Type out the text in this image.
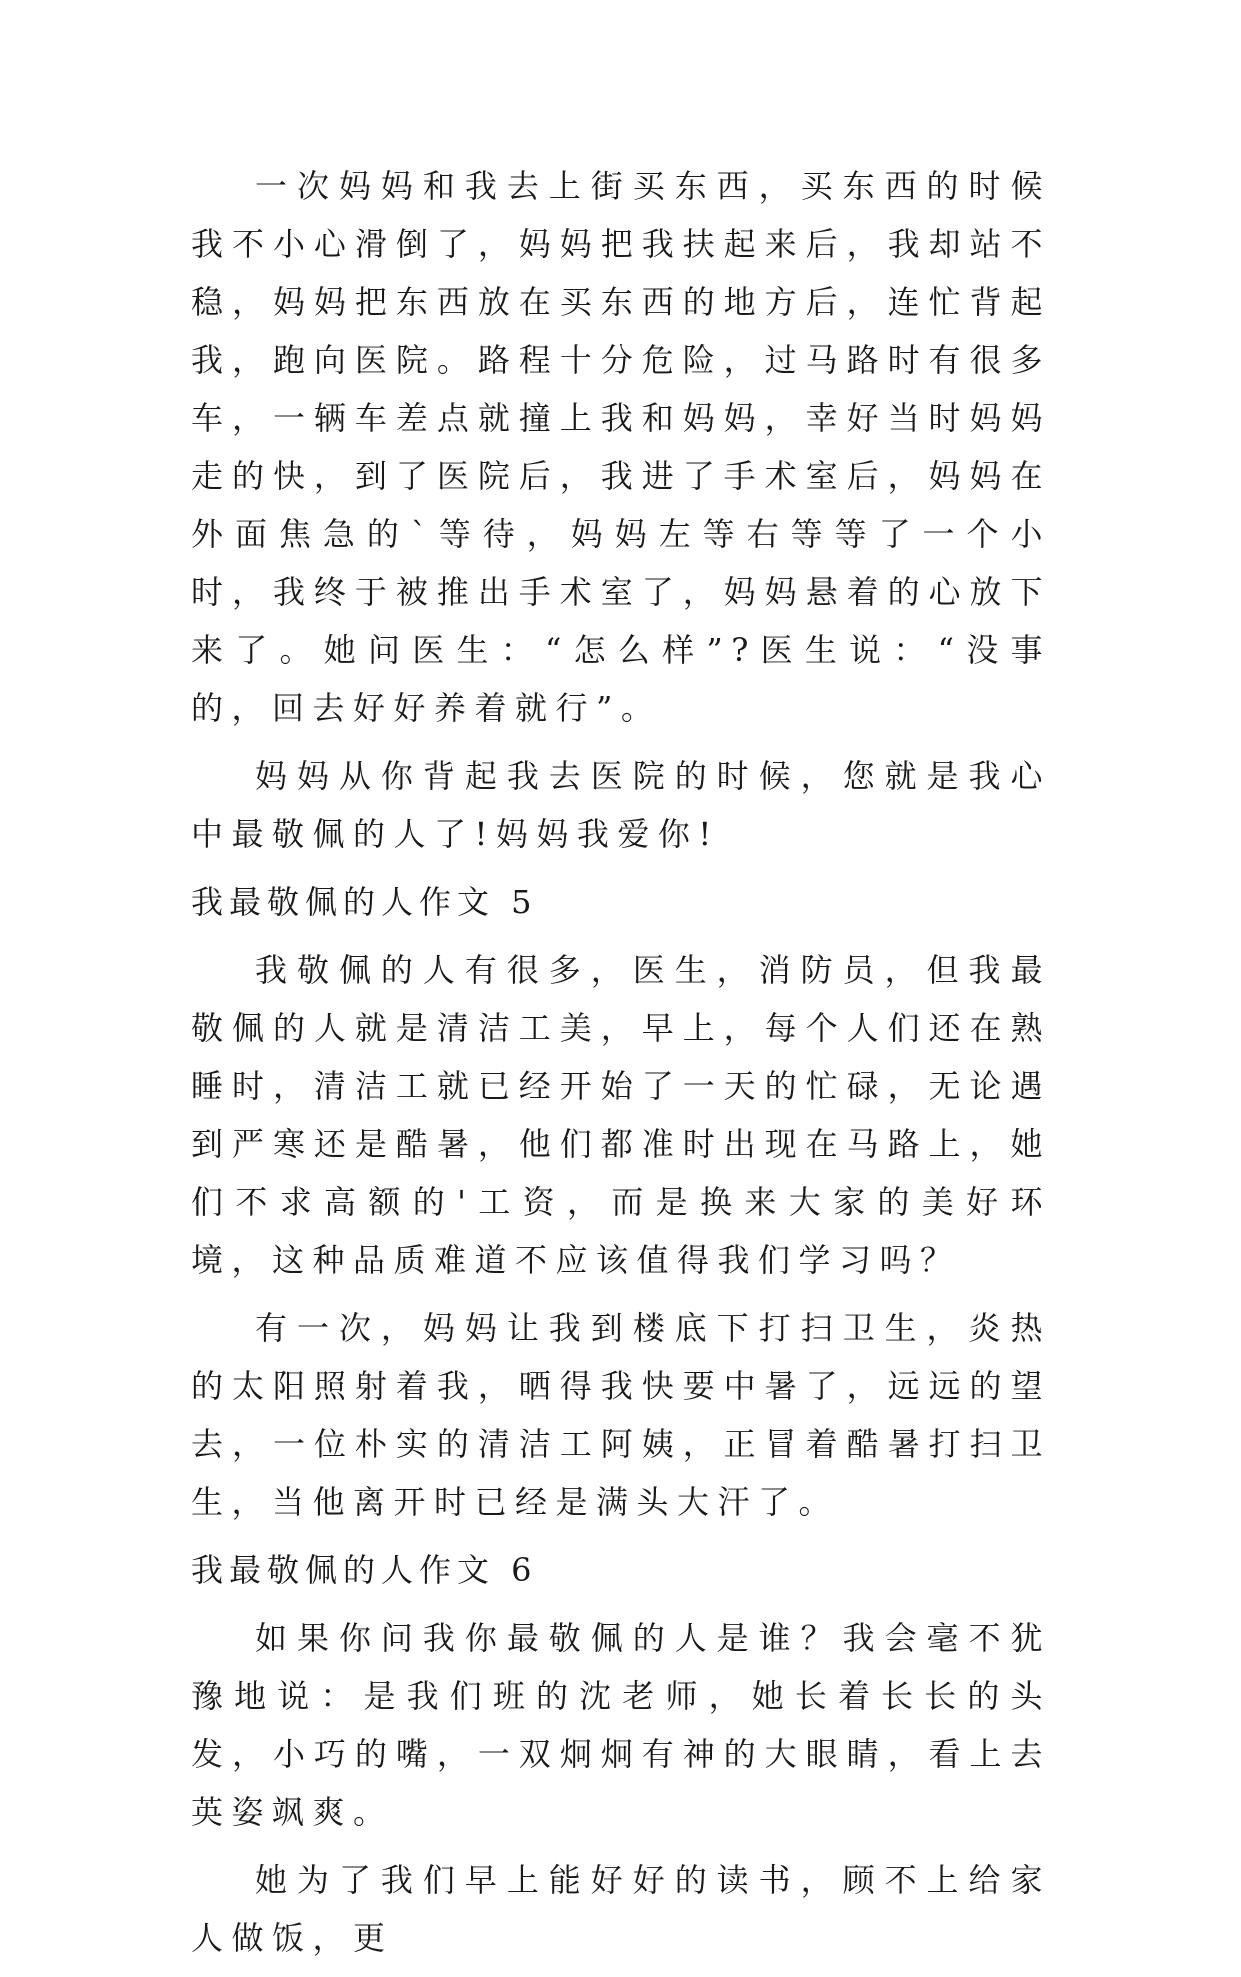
一次妈妈和我去上街买东西，买东西的时候我不小心滑倒了，妈妈把我扶起来后，我却站不稳，妈妈把东西放在买东西的地方后，连忙背起我，跑向医院。路程十分危险，过马路时有很多车，一辆车差点就撞上我和妈妈，幸好当时妈妈走的快，到了医院后，我进了手术室后，妈妈在外面焦急的`等待，妈妈左等右等等了一个小时，我终于被推出手术室了，妈妈悬着的心放下来了。她问医生：“怎么样”?医生说：“没事的，回去好好养着就行”。

妈妈从你背起我去医院的时候，您就是我心中最敬佩的人了!妈妈我爱你!

我最敬佩的人作文 5

我敬佩的人有很多，医生，消防员，但我最敬佩的人就是清洁工美，早上，每个人们还在熟睡时，清洁工就已经开始了一天的忙碌，无论遇到严寒还是酷暑，他们都准时出现在马路上，她们不求高额的'工资，而是换来大家的美好环境，这种品质难道不应该值得我们学习吗？

有一次，妈妈让我到楼底下打扫卫生，炎热的太阳照射着我，晒得我快要中暑了，远远的望去，一位朴实的清洁工阿姨，正冒着酷暑打扫卫生，当他离开时已经是满头大汗了。

我最敬佩的人作文 6

如果你问我你最敬佩的人是谁？我会毫不犹豫地说：是我们班的沈老师，她长着长长的头发，小巧的嘴，一双炯炯有神的大眼睛，看上去英姿飒爽。

她为了我们早上能好好的读书，顾不上给家人做饭，更
